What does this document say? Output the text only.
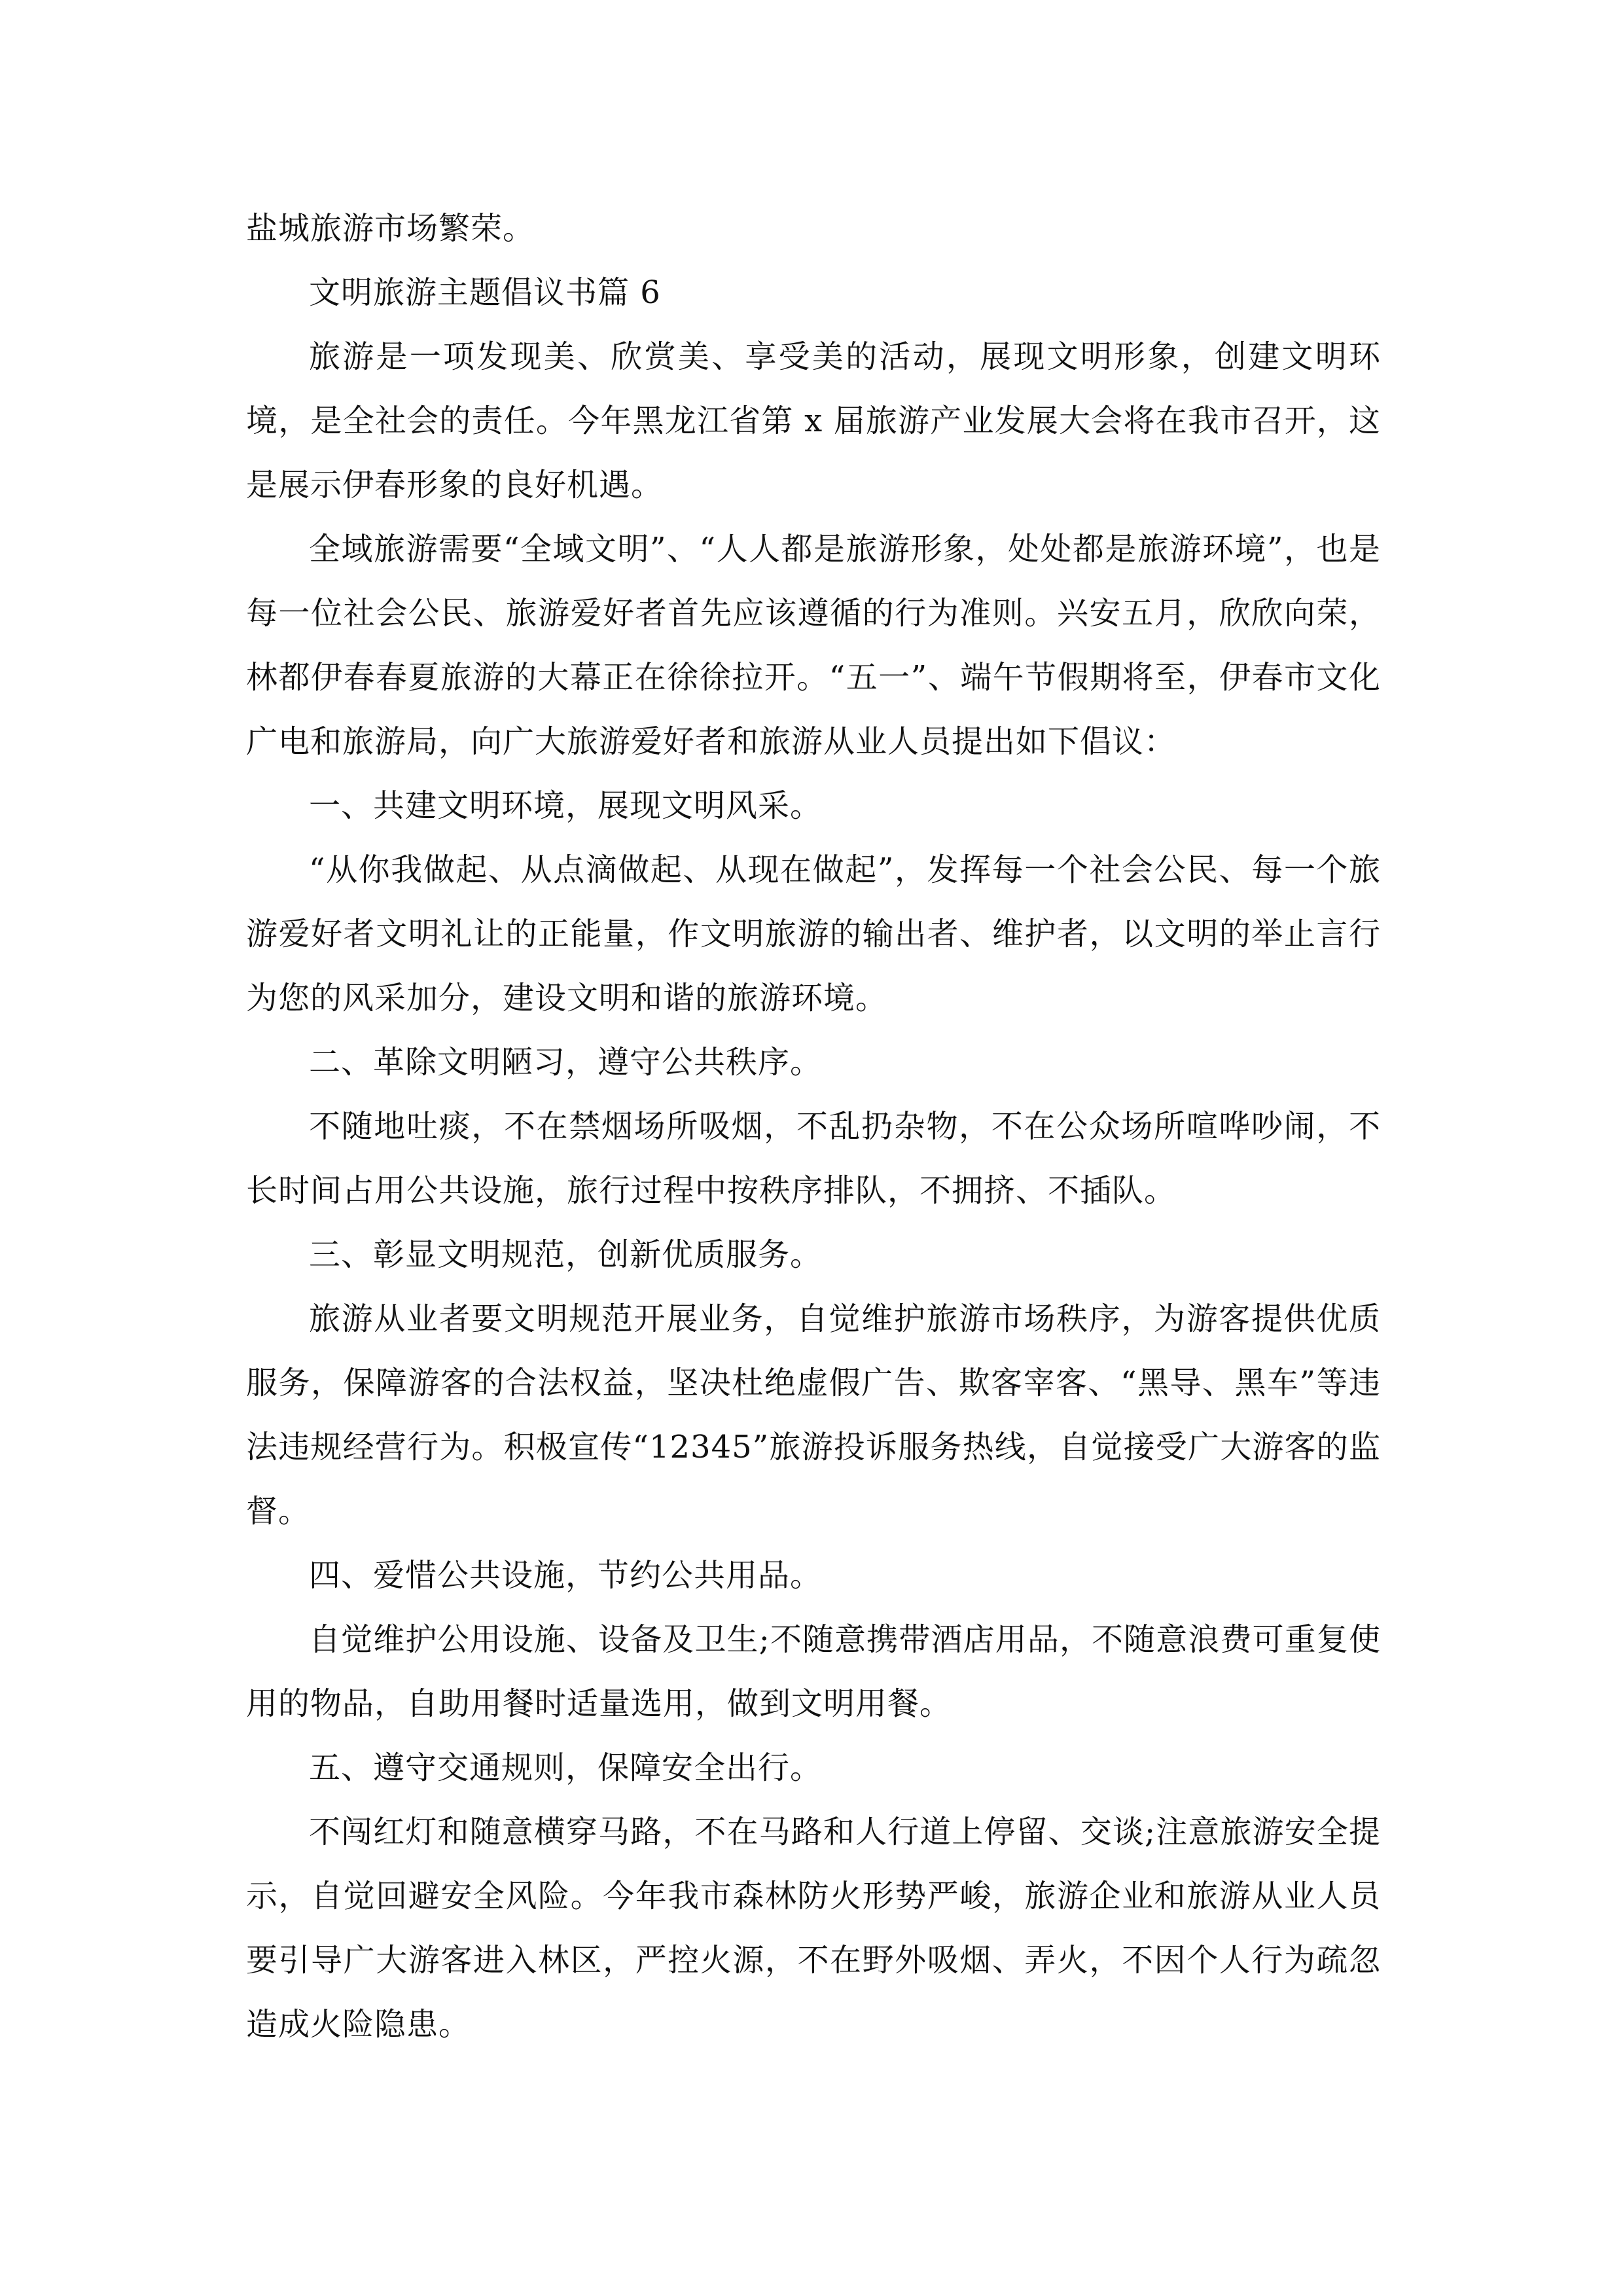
盐城旅游市场繁荣。

文明旅游主题倡议书篇 6

旅游是一项发现美、欣赏美、享受美的活动，展现文明形象，创建文明环境，是全社会的责任。今年黑龙江省第 x 届旅游产业发展大会将在我市召开，这是展示伊春形象的良好机遇。

全域旅游需要“全域文明”、“人人都是旅游形象，处处都是旅游环境”，也是每一位社会公民、旅游爱好者首先应该遵循的行为准则。兴安五月，欣欣向荣，林都伊春春夏旅游的大幕正在徐徐拉开。“五一”、端午节假期将至，伊春市文化广电和旅游局，向广大旅游爱好者和旅游从业人员提出如下倡议：

一、共建文明环境，展现文明风采。

“从你我做起、从点滴做起、从现在做起”，发挥每一个社会公民、每一个旅游爱好者文明礼让的正能量，作文明旅游的输出者、维护者，以文明的举止言行为您的风采加分，建设文明和谐的旅游环境。

二、革除文明陋习，遵守公共秩序。

不随地吐痰，不在禁烟场所吸烟，不乱扔杂物，不在公众场所喧哗吵闹，不长时间占用公共设施，旅行过程中按秩序排队，不拥挤、不插队。

三、彰显文明规范，创新优质服务。

旅游从业者要文明规范开展业务，自觉维护旅游市场秩序，为游客提供优质服务，保障游客的合法权益，坚决杜绝虚假广告、欺客宰客、“黑导、黑车”等违法违规经营行为。积极宣传“12345”旅游投诉服务热线，自觉接受广大游客的监督。

四、爱惜公共设施，节约公共用品。

自觉维护公用设施、设备及卫生;不随意携带酒店用品，不随意浪费可重复使用的物品，自助用餐时适量选用，做到文明用餐。

五、遵守交通规则，保障安全出行。

不闯红灯和随意横穿马路，不在马路和人行道上停留、交谈;注意旅游安全提示，自觉回避安全风险。今年我市森林防火形势严峻，旅游企业和旅游从业人员要引导广大游客进入林区，严控火源，不在野外吸烟、弄火，不因个人行为疏忽造成火险隐患。
